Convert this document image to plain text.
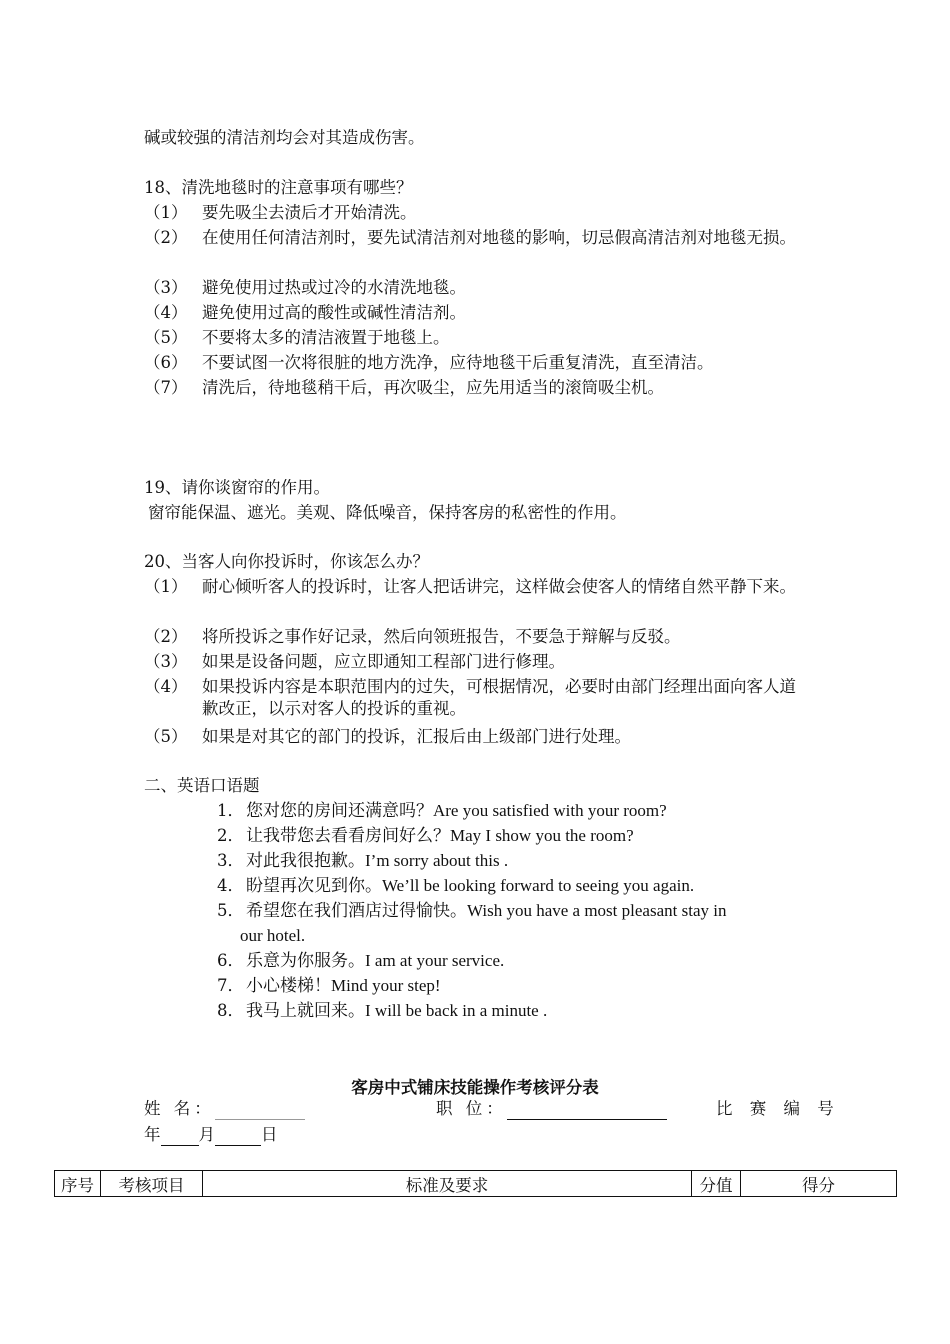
碱或较强的清洁剂均会对其造成伤害。
18、清洗地毯时的注意事项有哪些？
（1） 要先吸尘去渍后才开始清洗。
（2） 在使用任何清洁剂时，要先试清洁剂对地毯的影响，切忌假高清洁剂对地毯无损。
（3） 避免使用过热或过冷的水清洗地毯。
（4） 避免使用过高的酸性或碱性清洁剂。
（5） 不要将太多的清洁液置于地毯上。
（6） 不要试图一次将很脏的地方洗净，应待地毯干后重复清洗，直至清洁。
（7） 清洗后，待地毯稍干后，再次吸尘，应先用适当的滚筒吸尘机。
19、请你谈窗帘的作用。
窗帘能保温、遮光。美观、降低噪音，保持客房的私密性的作用。
20、当客人向你投诉时，你该怎么办？
（1） 耐心倾听客人的投诉时，让客人把话讲完，这样做会使客人的情绪自然平静下来。
（2） 将所投诉之事作好记录，然后向领班报告，不要急于辩解与反驳。
（3） 如果是设备问题，应立即通知工程部门进行修理。
（4） 如果投诉内容是本职范围内的过失，可根据情况，必要时由部门经理出面向客人道歉改正，以示对客人的投诉的重视。
（5） 如果是对其它的部门的投诉，汇报后由上级部门进行处理。
二、英语口语题
1． 您对您的房间还满意吗？Are you satisfied with your room?
2． 让我带您去看看房间好么？May I show you the room?
3． 对此我很抱歉。I’m sorry about this .
4． 盼望再次见到你。We’ll be looking forward to seeing you again.
5． 希望您在我们酒店过得愉快。Wish you have a most pleasant stay in
our hotel.
6． 乐意为你服务。I am at your service.
7． 小心楼梯！Mind your step!
8． 我马上就回来。I will be back in a minute .
客房中式铺床技能操作考核评分表
姓 名：	职 位：	比 赛 编 号
年 月	日
序号	考核项目	标准及要求	分值	得分
